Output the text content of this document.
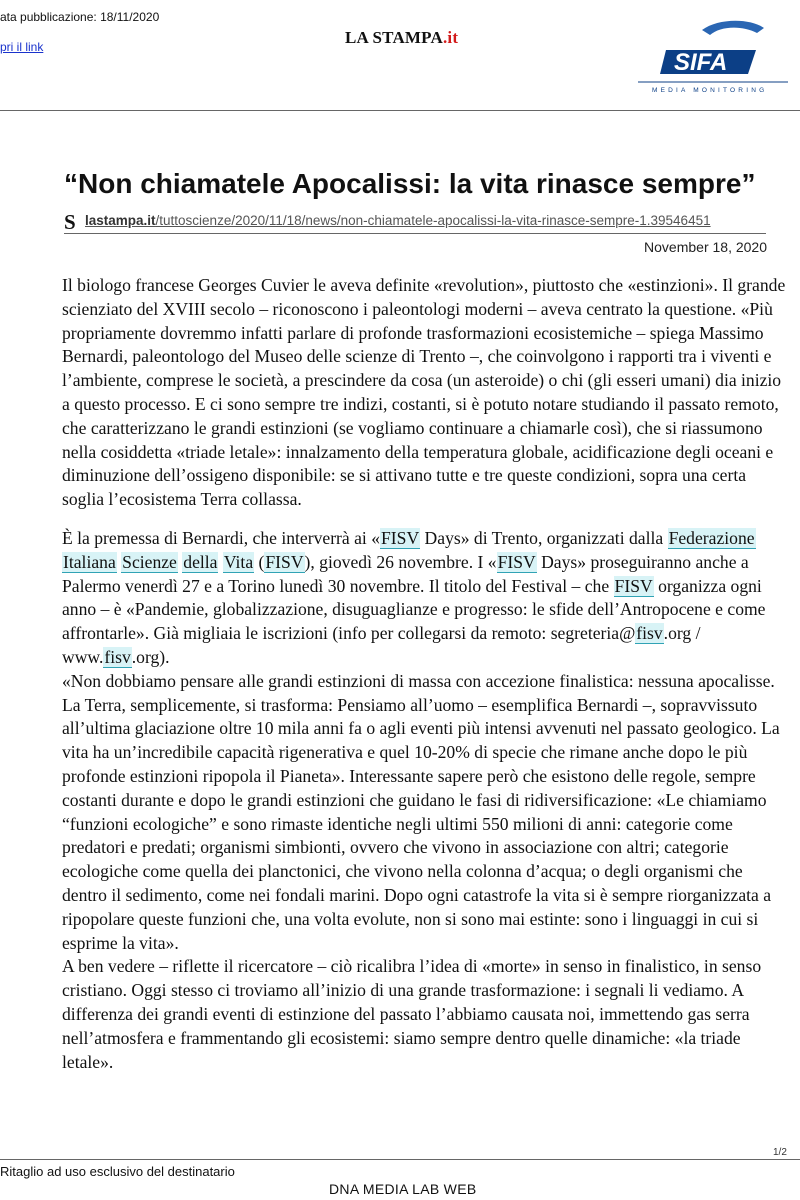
ata pubblicazione: 18/11/2020
pri il link	LA STAMPA.it
SIFA
MEDIA MONITORING
“Non chiamatele Apocalissi: la vita rinasce sempre”
S lastampa.it/tuttoscienze/2020/11/18/news/non-chiamatele-apocalissi-la-vita-rinasce-sempre-1.39546451
November 18, 2020

Il biologo francese Georges Cuvier le aveva definite «revolution», piuttosto che «estinzioni». Il grande scienziato del XVIII secolo – riconoscono i paleontologi moderni – aveva centrato la questione. «Più propriamente dovremmo infatti parlare di profonde trasformazioni ecosistemiche – spiega Massimo Bernardi, paleontologo del Museo delle scienze di Trento –, che coinvolgono i rapporti tra i viventi e l’ambiente, comprese le società, a prescindere da cosa (un asteroide) o chi (gli esseri umani) dia inizio a questo processo. E ci sono sempre tre indizi, costanti, si è potuto notare studiando il passato remoto, che caratterizzano le grandi estinzioni (se vogliamo continuare a chiamarle così), che si riassumono nella cosiddetta «triade letale»: innalzamento della temperatura globale, acidificazione degli oceani e diminuzione dell’ossigeno disponibile: se si attivano tutte e tre queste condizioni, sopra una certa soglia l’ecosistema Terra collassa.

È la premessa di Bernardi, che interverrà ai «FISV Days» di Trento, organizzati dalla Federazione Italiana Scienze della Vita (FISV), giovedì 26 novembre. I «FISV Days» proseguiranno anche a Palermo venerdì 27 e a Torino lunedì 30 novembre. Il titolo del Festival – che FISV organizza ogni anno – è «Pandemie, globalizzazione, disuguaglianze e progresso: le sfide dell’Antropocene e come affrontarle». Già migliaia le iscrizioni (info per collegarsi da remoto: segreteria@fisv.org / www.fisv.org).

«Non dobbiamo pensare alle grandi estinzioni di massa con accezione finalistica: nessuna apocalisse. La Terra, semplicemente, si trasforma: Pensiamo all’uomo – esemplifica Bernardi –, sopravvissuto all’ultima glaciazione oltre 10 mila anni fa o agli eventi più intensi avvenuti nel passato geologico. La vita ha un’incredibile capacità rigenerativa e quel 10-20% di specie che rimane anche dopo le più profonde estinzioni ripopola il Pianeta». Interessante sapere però che esistono delle regole, sempre costanti durante e dopo le grandi estinzioni che guidano le fasi di ridiversificazione: «Le chiamiamo “funzioni ecologiche” e sono rimaste identiche negli ultimi 550 milioni di anni: categorie come predatori e predati; organismi simbionti, ovvero che vivono in associazione con altri; categorie ecologiche come quella dei planctonici, che vivono nella colonna d’acqua; o degli organismi che dentro il sedimento, come nei fondali marini. Dopo ogni catastrofe la vita si è sempre riorganizzata a ripopolare queste funzioni che, una volta evolute, non si sono mai estinte: sono i linguaggi in cui si esprime la vita».

A ben vedere – riflette il ricercatore – ciò ricalibra l’idea di «morte» in senso in finalistico, in senso cristiano. Oggi stesso ci troviamo all’inizio di una grande trasformazione: i segnali li vediamo. A differenza dei grandi eventi di estinzione del passato l’abbiamo causata noi, immettendo gas serra nell’atmosfera e frammentando gli ecosistemi: siamo sempre dentro quelle dinamiche: «la triade letale».

1/2
Ritaglio ad uso esclusivo del destinatario
DNA MEDIA LAB WEB
